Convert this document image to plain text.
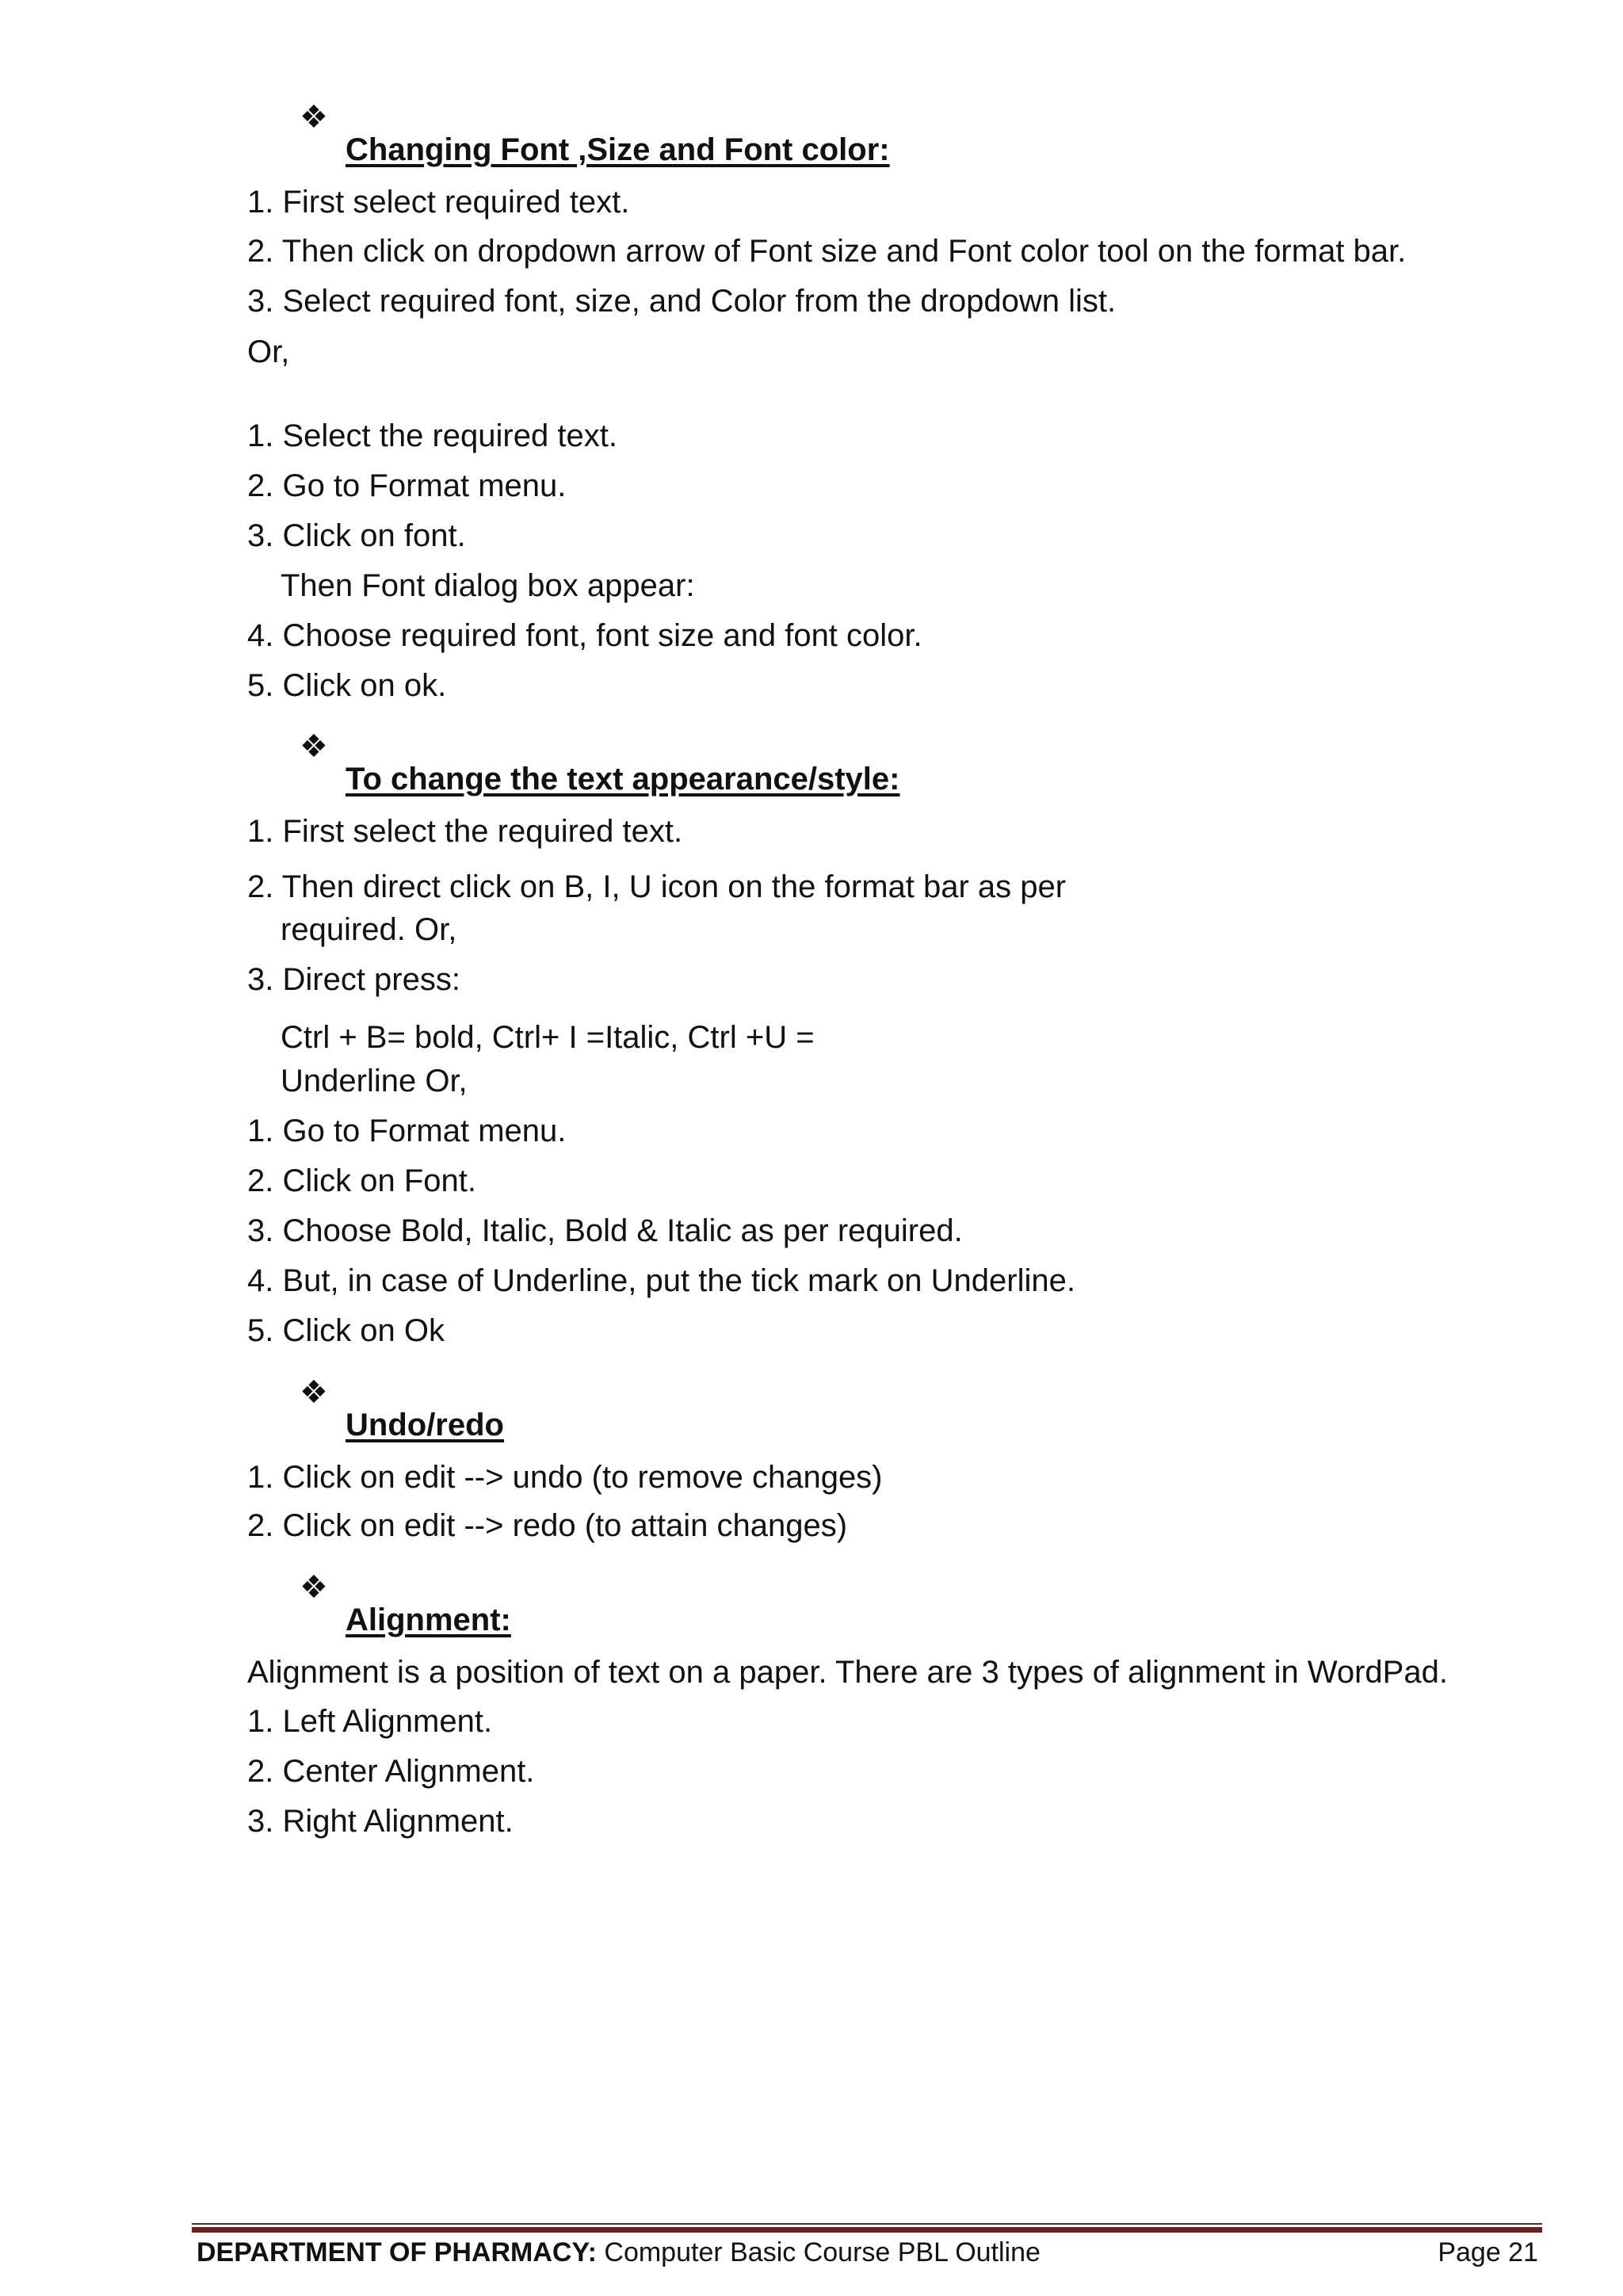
❖
Changing Font ,Size and Font color:
1. First select required text.
2. Then click on dropdown arrow of Font size and Font color tool on the format bar.
3. Select required font, size, and Color from the dropdown list.
Or,
1. Select the required text.
2. Go to Format menu.
3. Click on font.
Then Font dialog box appear:
4. Choose required font, font size and font color.
5. Click on ok.
❖
To change the text appearance/style:
1. First select the required text.
2. Then direct click on B, I, U icon on the format bar as per
required. Or,
3. Direct press:
Ctrl + B= bold, Ctrl+ I =Italic, Ctrl +U =
Underline Or,
1. Go to Format menu.
2. Click on Font.
3. Choose Bold, Italic, Bold & Italic as per required.
4. But, in case of Underline, put the tick mark on Underline.
5. Click on Ok
❖
Undo/redo
1. Click on edit --> undo (to remove changes)
2. Click on edit --> redo (to attain changes)
❖
Alignment:
Alignment is a position of text on a paper. There are 3 types of alignment in WordPad.
1. Left Alignment.
2. Center Alignment.
3. Right Alignment.
DEPARTMENT OF PHARMACY: Computer Basic Course PBL Outline	Page 21
